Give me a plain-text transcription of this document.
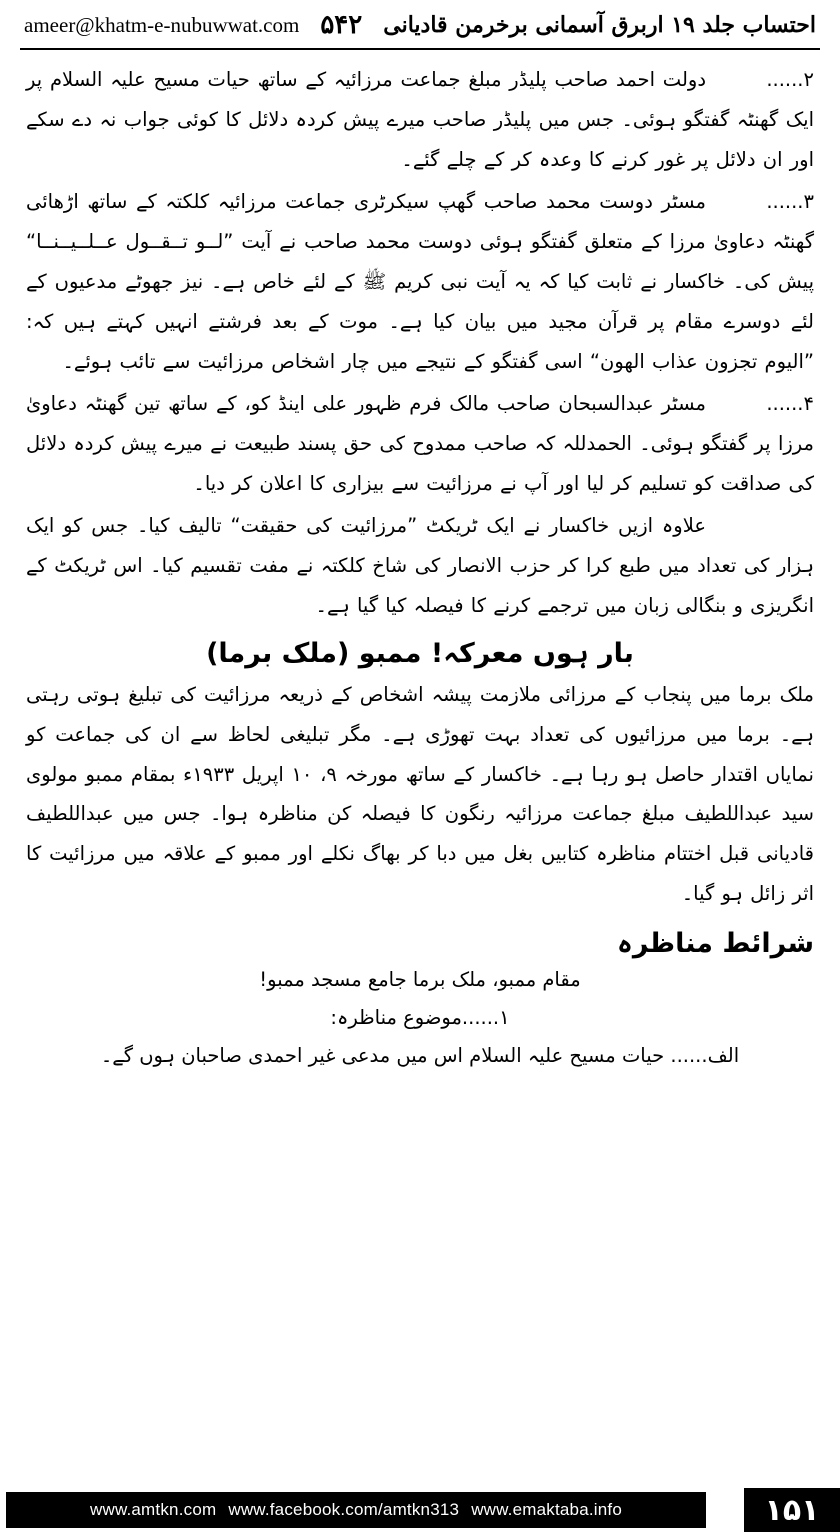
احتساب جلد ۱۹ اربرق آسمانی برخرمن قادیانی
۵۴۲
ameer@khatm-e-nubuwwat.com

۲......دولت احمد صاحب پلیڈر مبلغ جماعت مرزائیہ کے ساتھ حیات مسیح علیہ السلام پر ایک گھنٹہ گفتگو ہوئی۔ جس میں پلیڈر صاحب میرے پیش کردہ دلائل کا کوئی جواب نہ دے سکے اور ان دلائل پر غور کرنے کا وعدہ کر کے چلے گئے۔

۳......مسٹر دوست محمد صاحب گھپ سیکرٹری جماعت مرزائیہ کلکتہ کے ساتھ اڑھائی گھنٹہ دعاویٰ مرزا کے متعلق گفتگو ہوئی دوست محمد صاحب نے آیت ”لــو تــقــول عــلــیــنــا“ پیش کی۔ خاکسار نے ثابت کیا کہ یہ آیت نبی کریم ﷺ کے لئے خاص ہے۔ نیز جھوٹے مدعیوں کے لئے دوسرے مقام پر قرآن مجید میں بیان کیا ہے۔ موت کے بعد فرشتے انہیں کہتے ہیں کہ: ”الیوم تجزون عذاب الھون“ اسی گفتگو کے نتیجے میں چار اشخاص مرزائیت سے تائب ہوئے۔

۴......مسٹر عبدالسبحان صاحب مالک فرم ظہور علی اینڈ کو، کے ساتھ تین گھنٹہ دعاویٰ مرزا پر گفتگو ہوئی۔ الحمدللہ کہ صاحب ممدوح کی حق پسند طبیعت نے میرے پیش کردہ دلائل کی صداقت کو تسلیم کر لیا اور آپ نے مرزائیت سے بیزاری کا اعلان کر دیا۔

علاوہ ازیں خاکسار نے ایک ٹریکٹ ”مرزائیت کی حقیقت“ تالیف کیا۔ جس کو ایک ہزار کی تعداد میں طبع کرا کر حزب الانصار کی شاخ کلکتہ نے مفت تقسیم کیا۔ اس ٹریکٹ کے انگریزی و بنگالی زبان میں ترجمے کرنے کا فیصلہ کیا گیا ہے۔

بار ہوں معرکہ! ممبو (ملک برما)

ملک برما میں پنجاب کے مرزائی ملازمت پیشہ اشخاص کے ذریعہ مرزائیت کی تبلیغ ہوتی رہتی ہے۔ برما میں مرزائیوں کی تعداد بہت تھوڑی ہے۔ مگر تبلیغی لحاظ سے ان کی جماعت کو نمایاں اقتدار حاصل ہو رہا ہے۔ خاکسار کے ساتھ مورخہ ۹، ۱۰ اپریل ۱۹۳۳ء بمقام ممبو مولوی سید عبداللطیف مبلغ جماعت مرزائیہ رنگون کا فیصلہ کن مناظرہ ہوا۔ جس میں عبداللطیف قادیانی قبل اختتام مناظرہ کتابیں بغل میں دبا کر بھاگ نکلے اور ممبو کے علاقہ میں مرزائیت کا اثر زائل ہو گیا۔

شرائط مناظرہ

مقام ممبو، ملک برما جامع مسجد ممبو!

۱......موضوع مناظرہ:

الف...... حیات مسیح علیہ السلام اس میں مدعی غیر احمدی صاحبان ہوں گے۔

www.amtkn.com www.facebook.com/amtkn313 www.emaktaba.info	۱۵۱
